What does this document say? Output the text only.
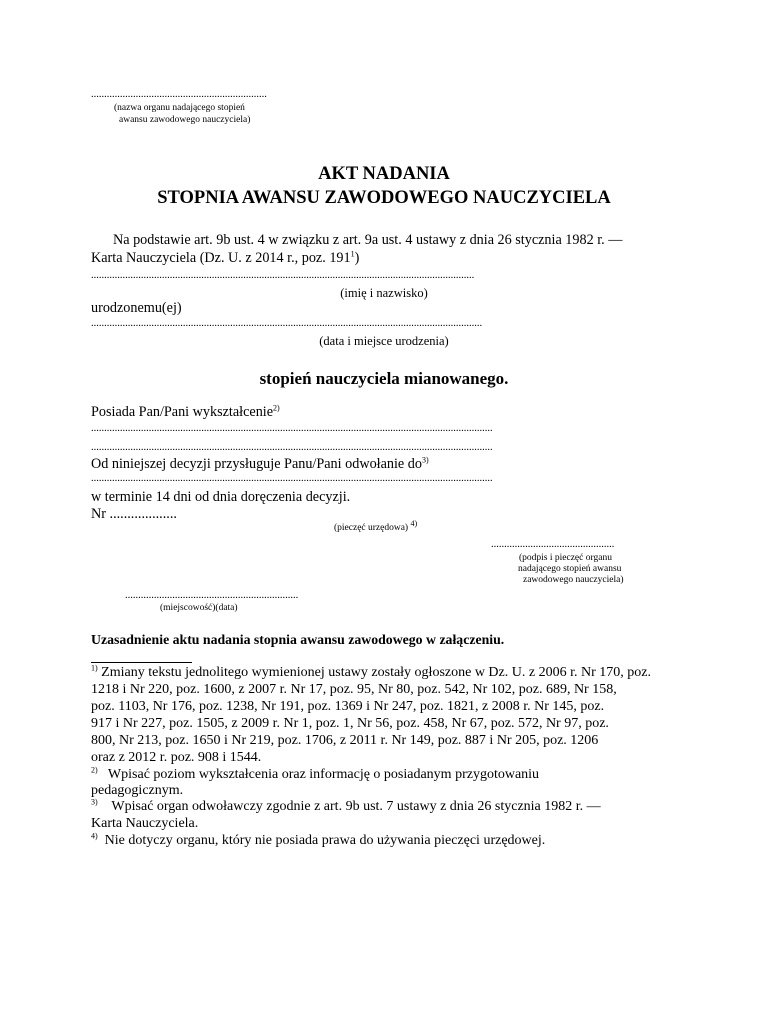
...................................................................
(nazwa organu nadającego stopień
awansu zawodowego nauczyciela)
AKT NADANIA
STOPNIA AWANSU ZAWODOWEGO NAUCZYCIELA
Na podstawie art. 9b ust. 4 w związku z art. 9a ust. 4 ustawy z dnia 26 stycznia 1982 r. —
Karta Nauczyciela (Dz. U. z 2014 r., poz. $191^1$)
..................................................................................................................................................
(imię i nazwisko)
urodzonemu(ej)
.....................................................................................................................................................
(data i miejsce urodzenia)
stopień nauczyciela mianowanego.
Posiada Pan/Pani wykształcenie$^{2)}$
.........................................................................................................................................................
.........................................................................................................................................................
Od niniejszej decyzji przysługuje Panu/Pani odwołanie $do^{3)}$
.........................................................................................................................................................
w terminie 14 dni od dnia doręczenia decyzji.
Nr ...................
(pieczęć urzędowa) $^{4)}$
...............................................
(podpis i pieczęć organu
nadającego stopień awansu
zawodowego nauczyciela)
..................................................................
(miejscowość)(data)
Uzasadnienie aktu nadania stopnia awansu zawodowego w załączeniu.
$^{1)}$ Zmiany tekstu jednolitego wymienionej ustawy zostały ogłoszone w Dz. U. z 2006 r. Nr 170, poz.
1218 i Nr 220, poz. 1600, z 2007 r. Nr 17, poz. 95, Nr 80, poz. 542, Nr 102, poz. 689, Nr 158,
poz. 1103, Nr 176, poz. 1238, Nr 191, poz. 1369 i Nr 247, poz. 1821, z 2008 r. Nr 145, poz.
917 i Nr 227, poz. 1505, z 2009 r. Nr 1, poz. 1, Nr 56, poz. 458, Nr 67, poz. 572, Nr 97, poz.
800, Nr 213, poz. 1650 i Nr 219, poz. 1706, z 2011 r. Nr 149, poz. 887 i Nr 205, poz. 1206
oraz z 2012 r. poz. 908 i 1544.
$^{2)}$ Wpisać poziom wykształcenia oraz informację o posiadanym przygotowaniu
pedagogicznym.
$^{3)}$ Wpisać organ odwoławczy zgodnie z art. 9b ust. 7 ustawy z dnia 26 stycznia 1982 r. —
Karta Nauczyciela.
$^{4)}$ Nie dotyczy organu, który nie posiada prawa do używania pieczęci urzędowej.
